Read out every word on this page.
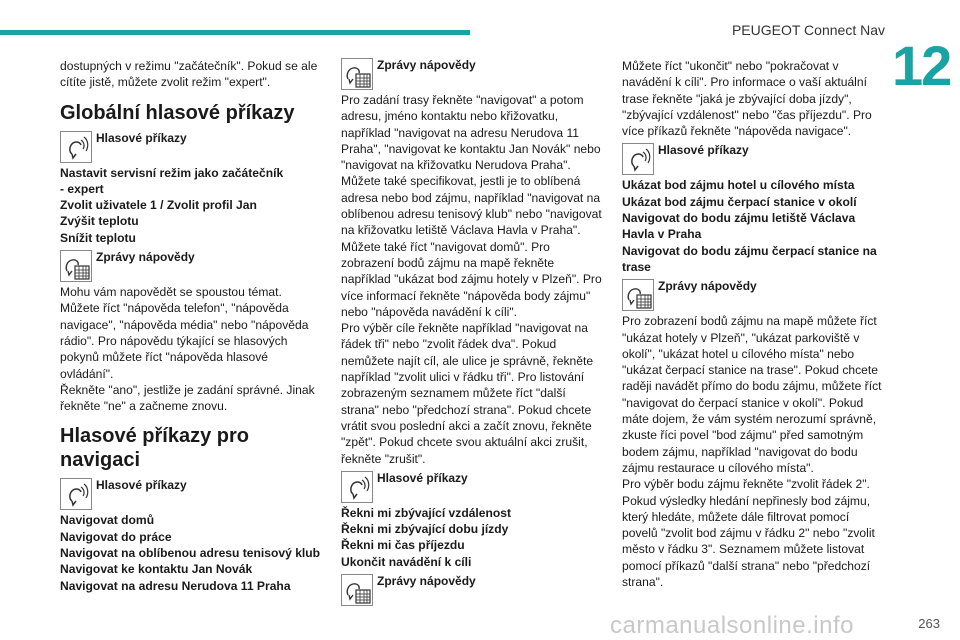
PEUGEOT Connect Nav
12

dostupných v režimu "začátečník". Pokud se ale cítíte jistě, můžete zvolit režim "expert".

Globální hlasové příkazy
Hlasové příkazy

Nastavit servisní režim jako začátečník
- expert
Zvolit uživatele 1 / Zvolit profil Jan
Zvýšit teplotu
Snížit teplotu

Zprávy nápovědy

Mohu vám napovědět se spoustou témat. Můžete říct "nápověda telefon", "nápověda navigace", "nápověda média" nebo "nápověda rádio". Pro nápovědu týkající se hlasových pokynů můžete říct "nápověda hlasové ovládání".
Řekněte "ano", jestliže je zadání správné. Jinak řekněte "ne" a začneme znovu.

Hlasové příkazy pro
navigaci
Hlasové příkazy

Navigovat domů
Navigovat do práce
Navigovat na oblíbenou adresu tenisový klub
Navigovat ke kontaktu Jan Novák
Navigovat na adresu Nerudova 11 Praha

Zprávy nápovědy

Pro zadání trasy řekněte "navigovat" a potom adresu, jméno kontaktu nebo křižovatku, například "navigovat na adresu Nerudova 11 Praha", "navigovat ke kontaktu Jan Novák" nebo "navigovat na křižovatku Nerudova Praha". Můžete také specifikovat, jestli je to oblíbená adresa nebo bod zájmu, například "navigovat na oblíbenou adresu tenisový klub" nebo "navigovat na křižovatku letiště Václava Havla v Praha". Můžete také říct "navigovat domů". Pro zobrazení bodů zájmu na mapě řekněte například "ukázat bod zájmu hotely v Plzeň". Pro více informací řekněte "nápověda body zájmu" nebo "nápověda navádění k cíli".
Pro výběr cíle řekněte například "navigovat na řádek tři" nebo "zvolit řádek dva". Pokud nemůžete najít cíl, ale ulice je správně, řekněte například "zvolit ulici v řádku tři". Pro listování zobrazeným seznamem můžete říct "další strana" nebo "předchozí strana". Pokud chcete vrátit svou poslední akci a začít znovu, řekněte "zpět". Pokud chcete svou aktuální akci zrušit, řekněte "zrušit".

Hlasové příkazy

Řekni mi zbývající vzdálenost
Řekni mi zbývající dobu jízdy
Řekni mi čas příjezdu
Ukončit navádění k cíli

Zprávy nápovědy

Můžete říct "ukončit" nebo "pokračovat v navádění k cíli". Pro informace o vaší aktuální trase řekněte "jaká je zbývající doba jízdy", "zbývající vzdálenost" nebo "čas příjezdu". Pro více příkazů řekněte "nápověda navigace".

Hlasové příkazy

Ukázat bod zájmu hotel u cílového místa
Ukázat bod zájmu čerpací stanice v okolí
Navigovat do bodu zájmu letiště Václava Havla v Praha
Navigovat do bodu zájmu čerpací stanice na trase

Zprávy nápovědy

Pro zobrazení bodů zájmu na mapě můžete říct "ukázat hotely v Plzeň", "ukázat parkoviště v okolí", "ukázat hotel u cílového místa" nebo "ukázat čerpací stanice na trase". Pokud chcete raději navádět přímo do bodu zájmu, můžete říct "navigovat do čerpací stanice v okolí". Pokud máte dojem, že vám systém nerozumí správně, zkuste říci povel "bod zájmu" před samotným bodem zájmu, například "navigovat do bodu zájmu restaurace u cílového místa".
Pro výběr bodu zájmu řekněte "zvolit řádek 2". Pokud výsledky hledání nepřinesly bod zájmu, který hledáte, můžete dále filtrovat pomocí povelů "zvolit bod zájmu v řádku 2" nebo "zvolit město v řádku 3". Seznamem můžete listovat pomocí příkazů "další strana" nebo "předchozí strana".

carmanualsonline.info	263
